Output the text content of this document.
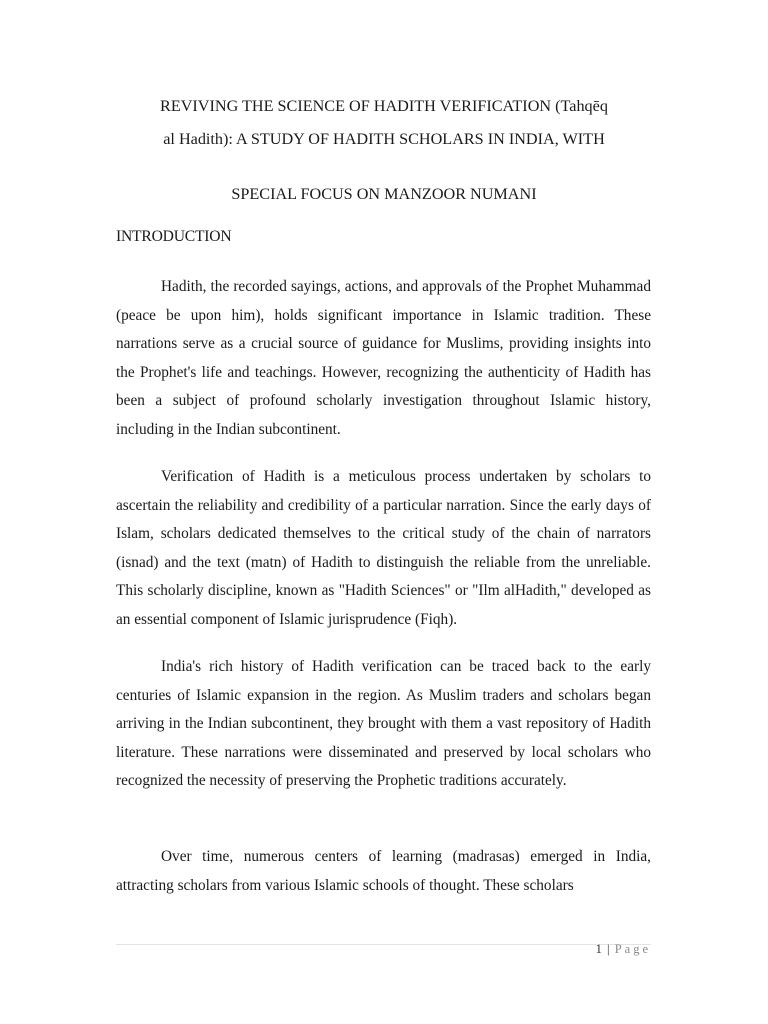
REVIVING THE SCIENCE OF HADITH VERIFICATION (Tahqēq
al Hadith): A STUDY OF HADITH SCHOLARS IN INDIA, WITH
SPECIAL FOCUS ON MANZOOR NUMANI
INTRODUCTION

Hadith, the recorded sayings, actions, and approvals of the Prophet Muhammad (peace be upon him), holds significant importance in Islamic tradition. These narrations serve as a crucial source of guidance for Muslims, providing insights into the Prophet's life and teachings. However, recognizing the authenticity of Hadith has been a subject of profound scholarly investigation throughout Islamic history, including in the Indian subcontinent.

Verification of Hadith is a meticulous process undertaken by scholars to ascertain the reliability and credibility of a particular narration. Since the early days of Islam, scholars dedicated themselves to the critical study of the chain of narrators (isnad) and the text (matn) of Hadith to distinguish the reliable from the unreliable. This scholarly discipline, known as "Hadith Sciences" or "Ilm alHadith," developed as an essential component of Islamic jurisprudence (Fiqh).

India's rich history of Hadith verification can be traced back to the early centuries of Islamic expansion in the region. As Muslim traders and scholars began arriving in the Indian subcontinent, they brought with them a vast repository of Hadith literature. These narrations were disseminated and preserved by local scholars who recognized the necessity of preserving the Prophetic traditions accurately.

Over time, numerous centers of learning (madrasas) emerged in India, attracting scholars from various Islamic schools of thought. These scholars

1 | Page
